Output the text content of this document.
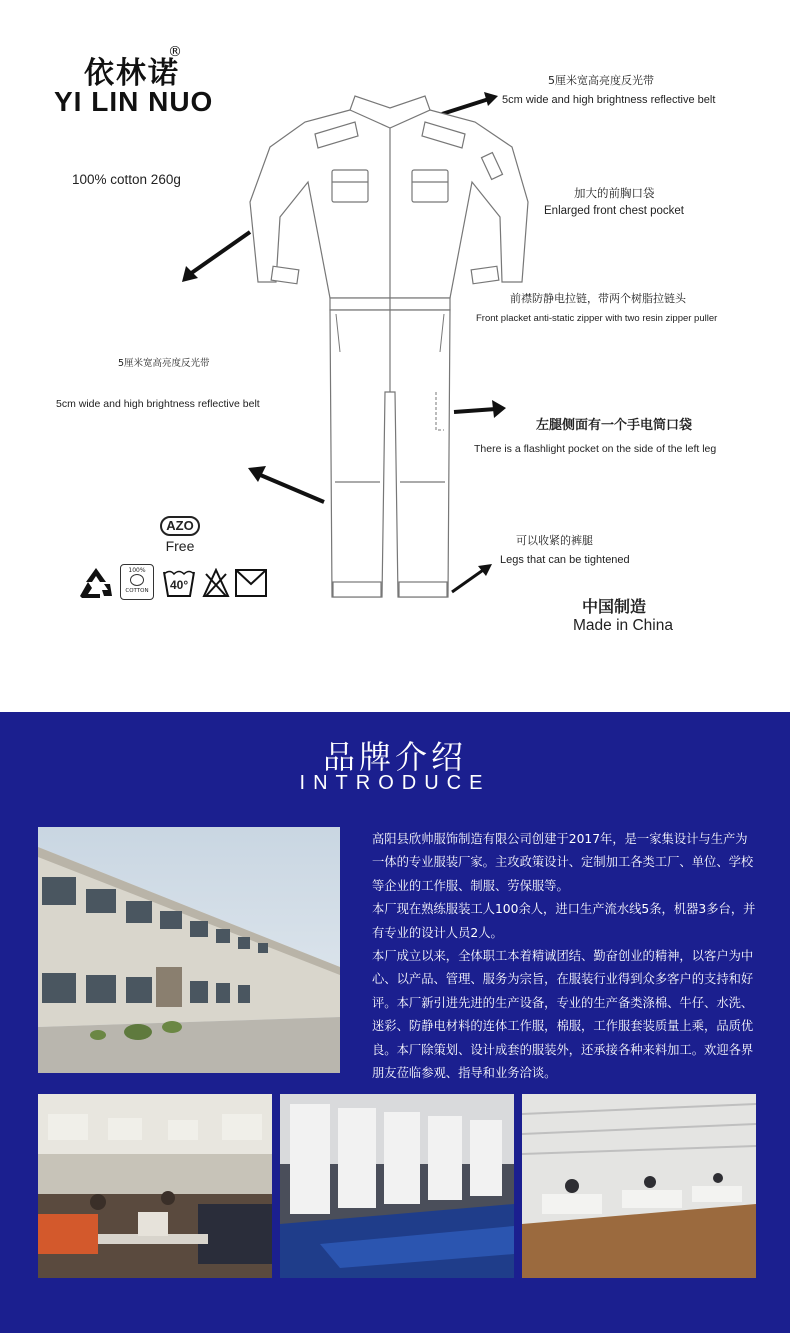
依林诺
®
YI LIN NUO
100% cotton 260g
5厘米宽高亮度反光带
5cm wide and high brightness reflective belt
加大的前胸口袋
Enlarged front chest pocket
前襟防静电拉链，带两个树脂拉链头
Front placket anti-static zipper with two resin zipper puller
5厘米宽高亮度反光带
5cm wide and high brightness reflective belt
左腿侧面有一个手电筒口袋
There is a flashlight pocket on the side of the left leg
可以收紧的裤腿
Legs that can be tightened
中国制造
Made in China
AZO
Free
100%
COTTON	40°
品牌介绍
INTRODUCE

高阳县欣帅服饰制造有限公司创建于2017年，是一家集设计与生产为一体的专业服装厂家。主攻政策设计、定制加工各类工厂、单位、学校等企业的工作服、制服、劳保服等。

本厂现在熟练服装工人100余人，进口生产流水线5条，机器3多台，并有专业的设计人员2人。

本厂成立以来，全体职工本着精诚团结、勤奋创业的精神，以客户为中心、以产品、管理、服务为宗旨，在服装行业得到众多客户的支持和好评。本厂新引进先进的生产设备，专业的生产备类涤棉、牛仔、水洗、迷彩、防静电材料的连体工作服，棉服，工作服套装质量上乘，品质优良。本厂除策划、设计成套的服装外，还承接各种来料加工。欢迎各界朋友莅临参观、指导和业务洽谈。
